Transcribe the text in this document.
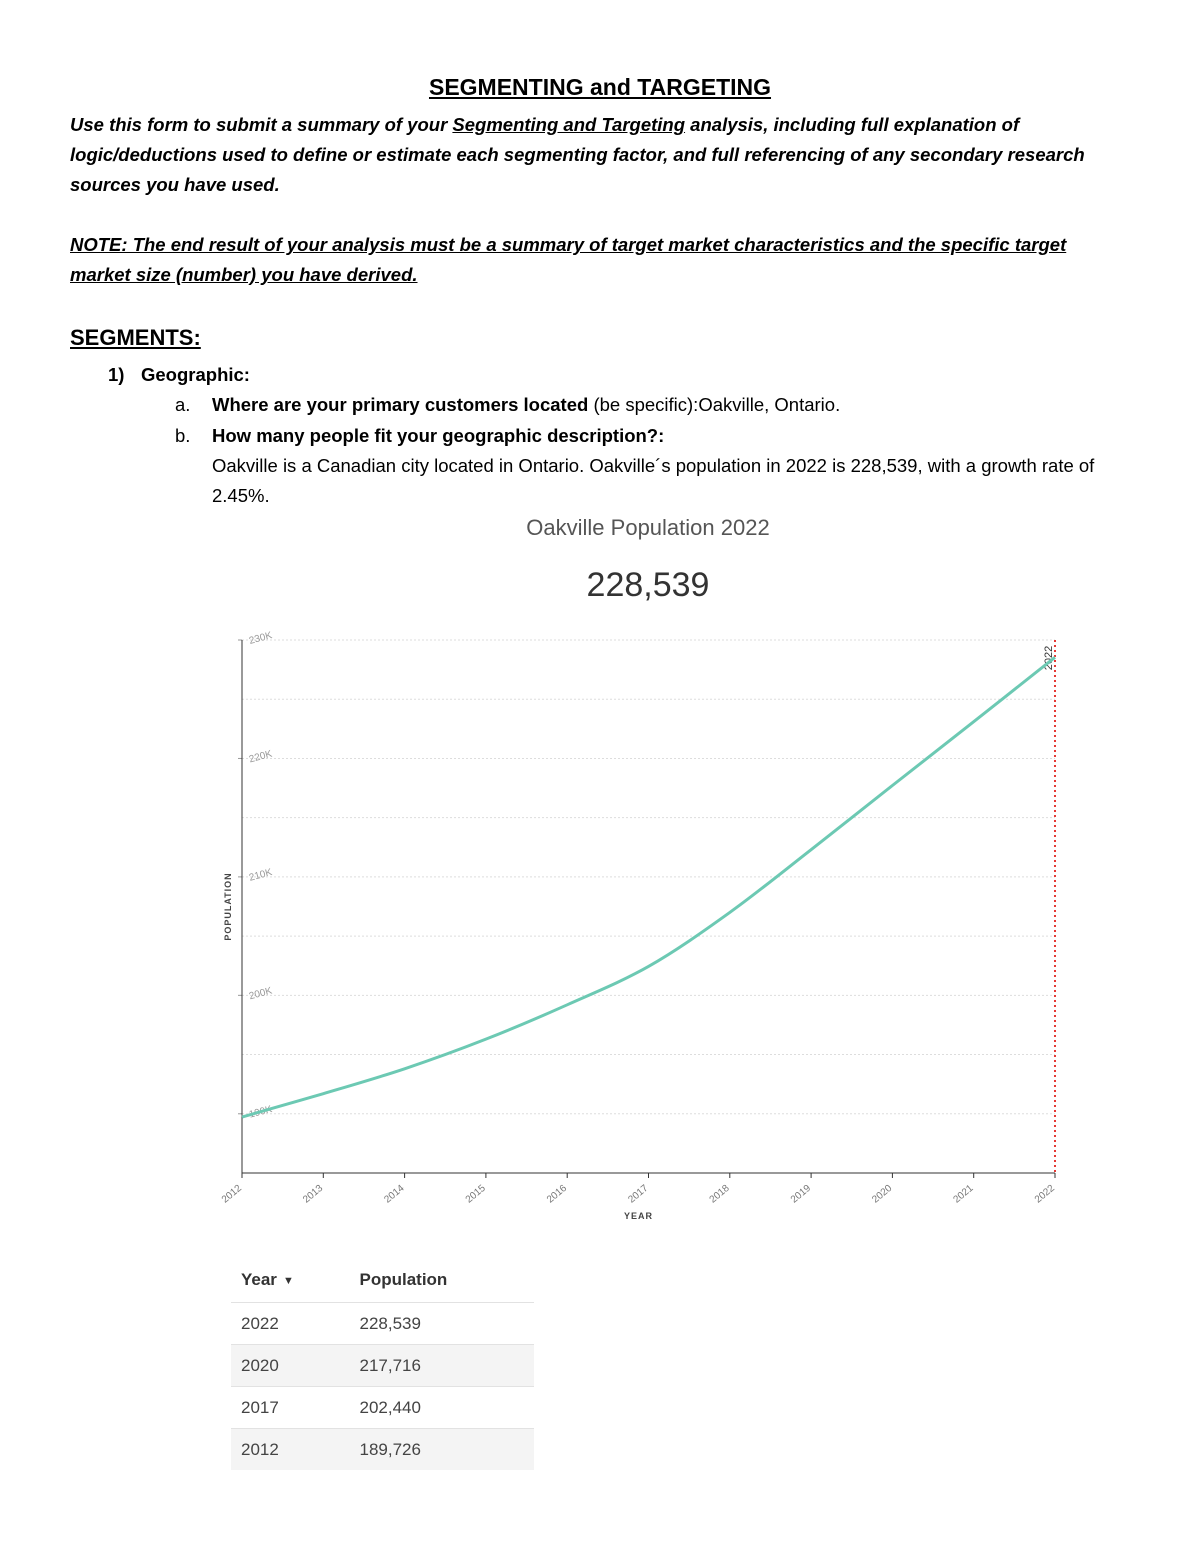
SEGMENTING and TARGETING
Use this form to submit a summary of your Segmenting and Targeting analysis, including full explanation of logic/deductions used to define or estimate each segmenting factor, and full referencing of any secondary research sources you have used.
NOTE: The end result of your analysis must be a summary of target market characteristics and the specific target market size (number) you have derived.
SEGMENTS:
1) Geographic:
a. Where are your primary customers located (be specific):Oakville, Ontario.
b. How many people fit your geographic description?:
Oakville is a Canadian city located in Ontario. Oakville´s population in 2022 is 228,539, with a growth rate of 2.45%.
Oakville Population 2022
228,539
190K
200K
210K
220K
230K
2012	2013	2014	2015	2016	2017	2018	2019	2020	2021	2022
POPULATION
YEAR
2022
Year ▼	Population
2022	228,539
2020	217,716
2017	202,440
2012	189,726
